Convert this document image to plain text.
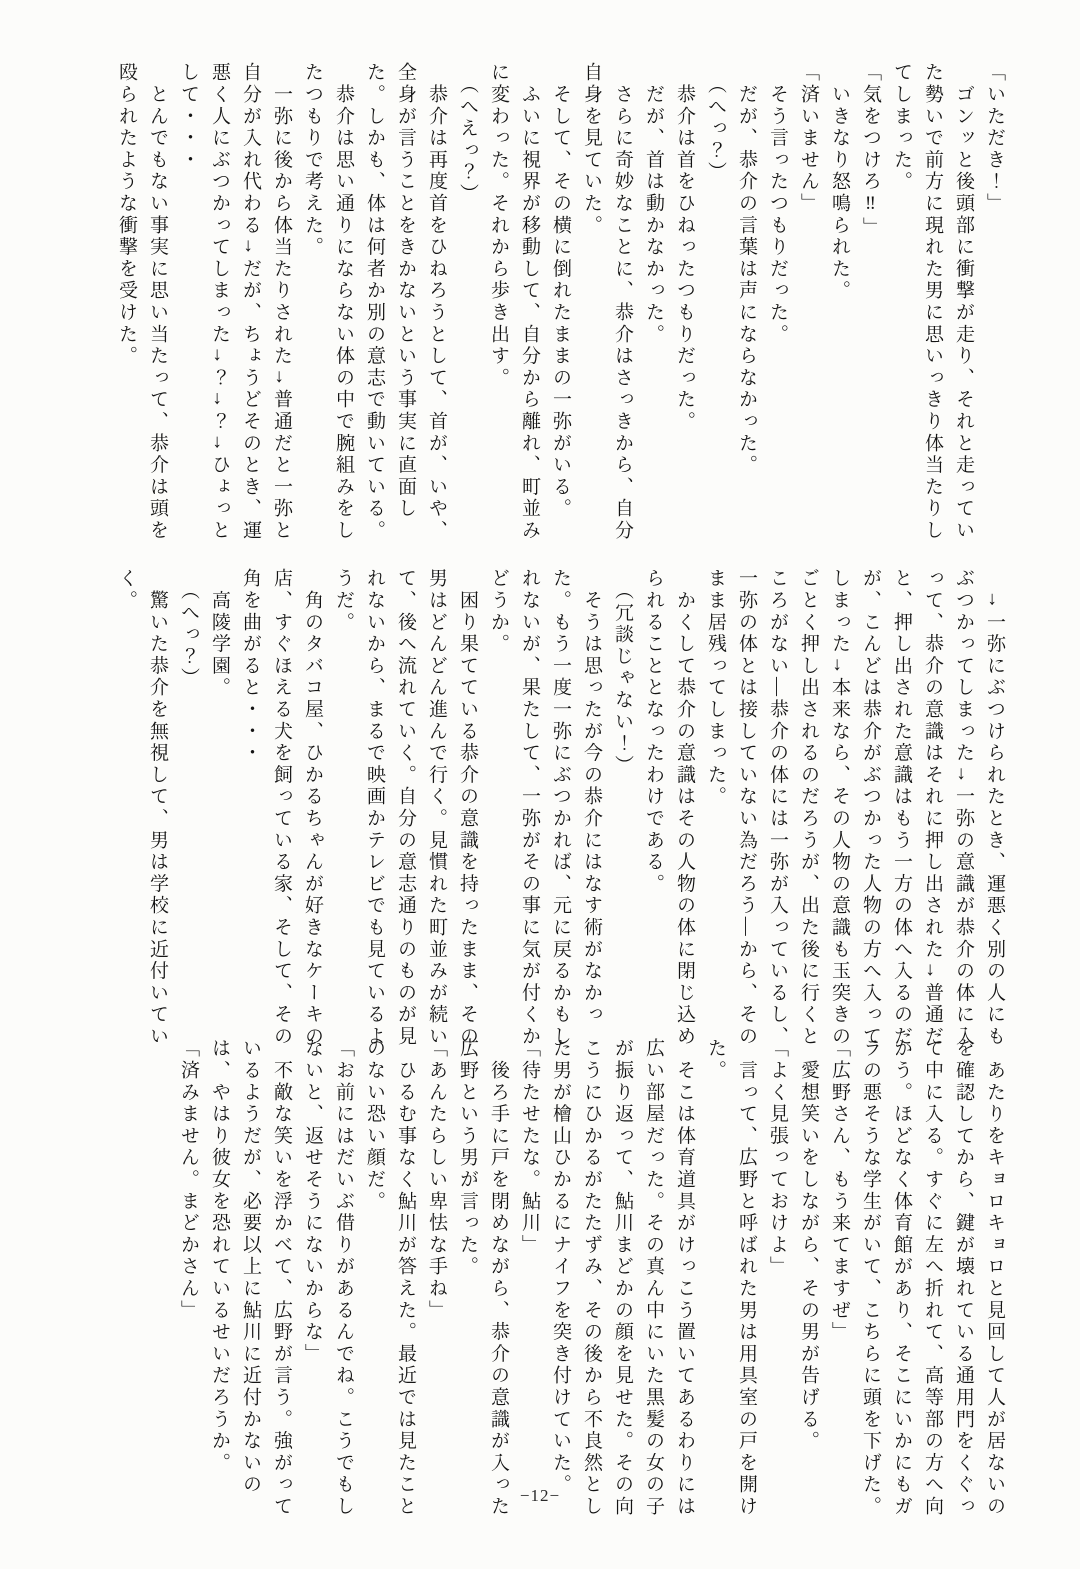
「いただき！」

　ゴンッと後頭部に衝撃が走り、それと走っていた勢いで前方に現れた男に思いっきり体当たりしてしまった。

「気をつけろ‼」

　いきなり怒鳴られた。

「済いません」

　そう言ったつもりだった。

　だが、恭介の言葉は声にならなかった。

　（へっ？）

　恭介は首をひねったつもりだった。

　だが、首は動かなかった。

　さらに奇妙なことに、恭介はさっきから、自分自身を見ていた。

　そして、その横に倒れたままの一弥がいる。

　ふいに視界が移動して、自分から離れ、町並みに変わった。それから歩き出す。

　（へえっ？）

　恭介は再度首をひねろうとして、首が、いや、全身が言うことをきかないという事実に直面した。しかも、体は何者か別の意志で動いている。

　恭介は思い通りにならない体の中で腕組みをしたつもりで考えた。

　一弥に後から体当たりされた→普通だと一弥と自分が入れ代わる→だが、ちょうどそのとき、運悪く人にぶつかってしまった→？→？→ひょっとして・・・

　とんでもない事実に思い当たって、恭介は頭を殴られたような衝撃を受けた。

　→一弥にぶつけられたとき、運悪く別の人にもぶつかってしまった→一弥の意識が恭介の体に入って、恭介の意識はそれに押し出された→普通だと、押し出された意識はもう一方の体へ入るのだが、こんどは恭介がぶつかった人物の方へ入ってしまった→本来なら、その人物の意識も玉突きのごとく押し出されるのだろうが、出た後に行くところがない―恭介の体には一弥が入っているし、一弥の体とは接していない為だろう―から、そのまま居残ってしまった。

　かくして恭介の意識はその人物の体に閉じ込められることとなったわけである。

　（冗談じゃない！）

　そうは思ったが今の恭介にはなす術がなかった。もう一度一弥にぶつかれば、元に戻るかもしれないが、果たして、一弥がその事に気が付くかどうか。

　困り果てている恭介の意識を持ったまま、その男はどんどん進んで行く。見慣れた町並みが続いて、後へ流れていく。自分の意志通りのものが見れないから、まるで映画かテレビでも見ているようだ。

　角のタバコ屋、ひかるちゃんが好きなケーキの店、すぐほえる犬を飼っている家、そして、その角を曲がると・・・

　高陵学園。

　（へっ？）

　驚いた恭介を無視して、男は学校に近付いていく。

　あたりをキョロキョロと見回して人が居ないのを確認してから、鍵が壊れている通用門をくぐって中に入る。すぐに左へ折れて、高等部の方へ向かう。ほどなく体育館があり、そこにいかにもガラの悪そうな学生がいて、こちらに頭を下げた。

「広野さん、もう来てますぜ」

　愛想笑いをしながら、その男が告げる。

「よく見張っておけよ」

　言って、広野と呼ばれた男は用具室の戸を開けた。

　そこは体育道具がけっこう置いてあるわりには広い部屋だった。その真ん中にいた黒髪の女の子が振り返って、鮎川まどかの顔を見せた。その向こうにひかるがたたずみ、その後から不良然とした男が檜山ひかるにナイフを突き付けていた。

「待たせたな。鮎川」

　後ろ手に戸を閉めながら、恭介の意識が入った広野という男が言った。

「あんたらしい卑怯な手ね」

　ひるむ事なく鮎川が答えた。最近では見たことのない恐い顔だ。

「お前にはだいぶ借りがあるんでね。こうでもしないと、返せそうにないからな」

　不敵な笑いを浮かべて、広野が言う。強がっているようだが、必要以上に鮎川に近付かないのは、やはり彼女を恐れているせいだろうか。

「済みません。まどかさん」

−12−
